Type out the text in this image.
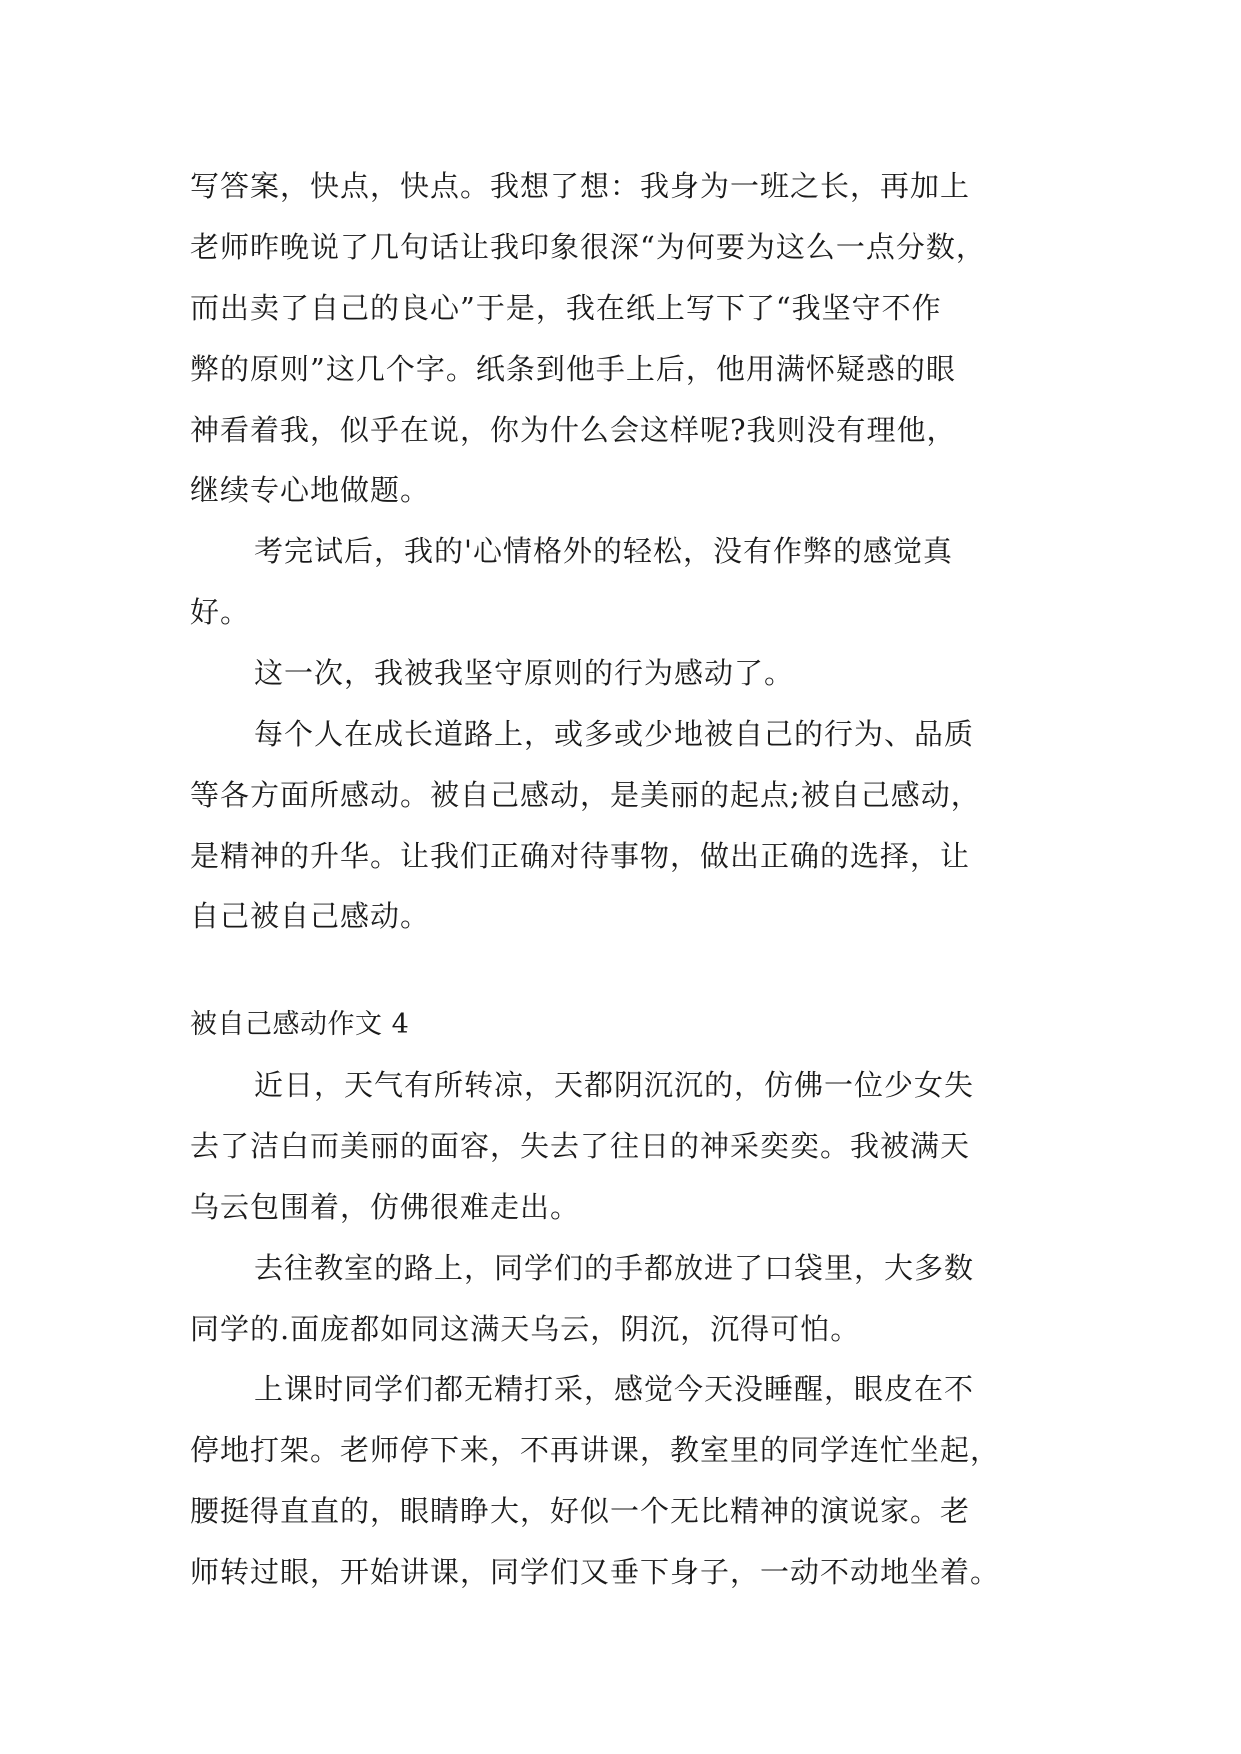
写答案，快点，快点。我想了想：我身为一班之长，再加上
老师昨晚说了几句话让我印象很深“为何要为这么一点分数，
而出卖了自己的良心”于是，我在纸上写下了“我坚守不作
弊的原则”这几个字。纸条到他手上后，他用满怀疑惑的眼
神看着我，似乎在说，你为什么会这样呢?我则没有理他，
继续专心地做题。
考完试后，我的'心情格外的轻松，没有作弊的感觉真
好。
这一次，我被我坚守原则的行为感动了。
每个人在成长道路上，或多或少地被自己的行为、品质
等各方面所感动。被自己感动，是美丽的起点;被自己感动，
是精神的升华。让我们正确对待事物，做出正确的选择，让
自己被自己感动。
被自己感动作文 4
近日，天气有所转凉，天都阴沉沉的，仿佛一位少女失
去了洁白而美丽的面容，失去了往日的神采奕奕。我被满天
乌云包围着，仿佛很难走出。
去往教室的路上，同学们的手都放进了口袋里，大多数
同学的.面庞都如同这满天乌云，阴沉，沉得可怕。
上课时同学们都无精打采，感觉今天没睡醒，眼皮在不
停地打架。老师停下来，不再讲课，教室里的同学连忙坐起，
腰挺得直直的，眼睛睁大，好似一个无比精神的演说家。老
师转过眼，开始讲课，同学们又垂下身子，一动不动地坐着。
